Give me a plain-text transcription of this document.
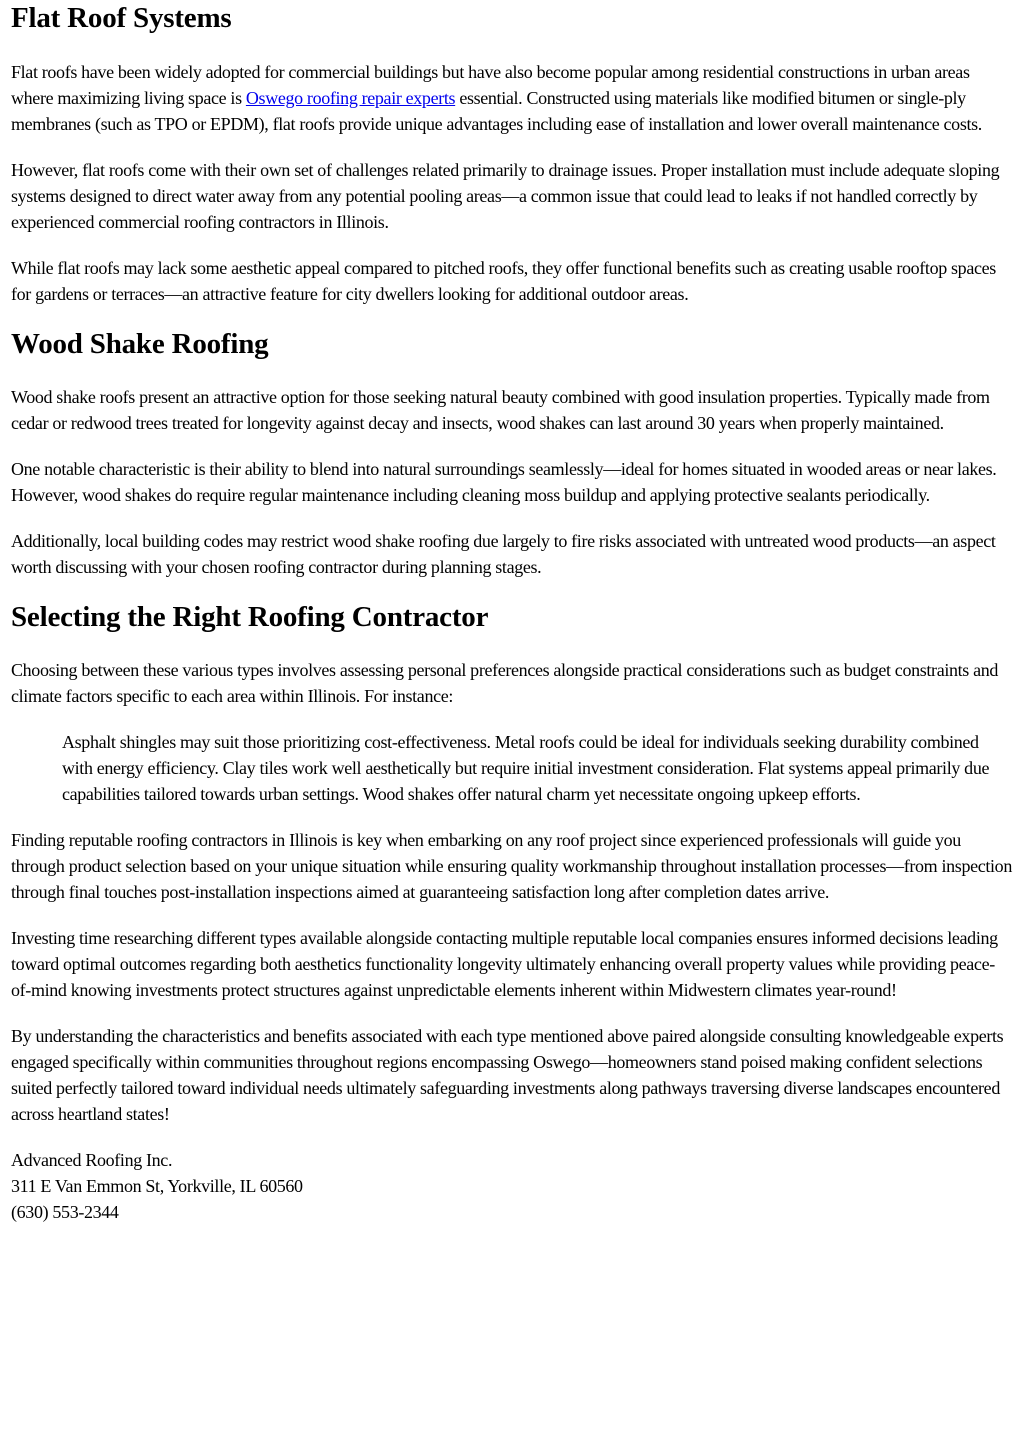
Flat Roof Systems

Flat roofs have been widely adopted for commercial buildings but have also become popular among residential constructions in urban areas where maximizing living space is Oswego roofing repair experts essential. Constructed using materials like modified bitumen or single-ply membranes (such as TPO or EPDM), flat roofs provide unique advantages including ease of installation and lower overall maintenance costs.

However, flat roofs come with their own set of challenges related primarily to drainage issues. Proper installation must include adequate sloping systems designed to direct water away from any potential pooling areas—a common issue that could lead to leaks if not handled correctly by experienced commercial roofing contractors in Illinois.

While flat roofs may lack some aesthetic appeal compared to pitched roofs, they offer functional benefits such as creating usable rooftop spaces for gardens or terraces—an attractive feature for city dwellers looking for additional outdoor areas.

Wood Shake Roofing

Wood shake roofs present an attractive option for those seeking natural beauty combined with good insulation properties. Typically made from cedar or redwood trees treated for longevity against decay and insects, wood shakes can last around 30 years when properly maintained.

One notable characteristic is their ability to blend into natural surroundings seamlessly—ideal for homes situated in wooded areas or near lakes. However, wood shakes do require regular maintenance including cleaning moss buildup and applying protective sealants periodically.

Additionally, local building codes may restrict wood shake roofing due largely to fire risks associated with untreated wood products—an aspect worth discussing with your chosen roofing contractor during planning stages.

Selecting the Right Roofing Contractor

Choosing between these various types involves assessing personal preferences alongside practical considerations such as budget constraints and climate factors specific to each area within Illinois. For instance:

Asphalt shingles may suit those prioritizing cost-effectiveness. Metal roofs could be ideal for individuals seeking durability combined with energy efficiency. Clay tiles work well aesthetically but require initial investment consideration. Flat systems appeal primarily due capabilities tailored towards urban settings. Wood shakes offer natural charm yet necessitate ongoing upkeep efforts.

Finding reputable roofing contractors in Illinois is key when embarking on any roof project since experienced professionals will guide you through product selection based on your unique situation while ensuring quality workmanship throughout installation processes—from inspection through final touches post-installation inspections aimed at guaranteeing satisfaction long after completion dates arrive.

Investing time researching different types available alongside contacting multiple reputable local companies ensures informed decisions leading toward optimal outcomes regarding both aesthetics functionality longevity ultimately enhancing overall property values while providing peace-of-mind knowing investments protect structures against unpredictable elements inherent within Midwestern climates year-round!

By understanding the characteristics and benefits associated with each type mentioned above paired alongside consulting knowledgeable experts engaged specifically within communities throughout regions encompassing Oswego—homeowners stand poised making confident selections suited perfectly tailored toward individual needs ultimately safeguarding investments along pathways traversing diverse landscapes encountered across heartland states!

Advanced Roofing Inc.

311 E Van Emmon St, Yorkville, IL 60560

(630) 553-2344
